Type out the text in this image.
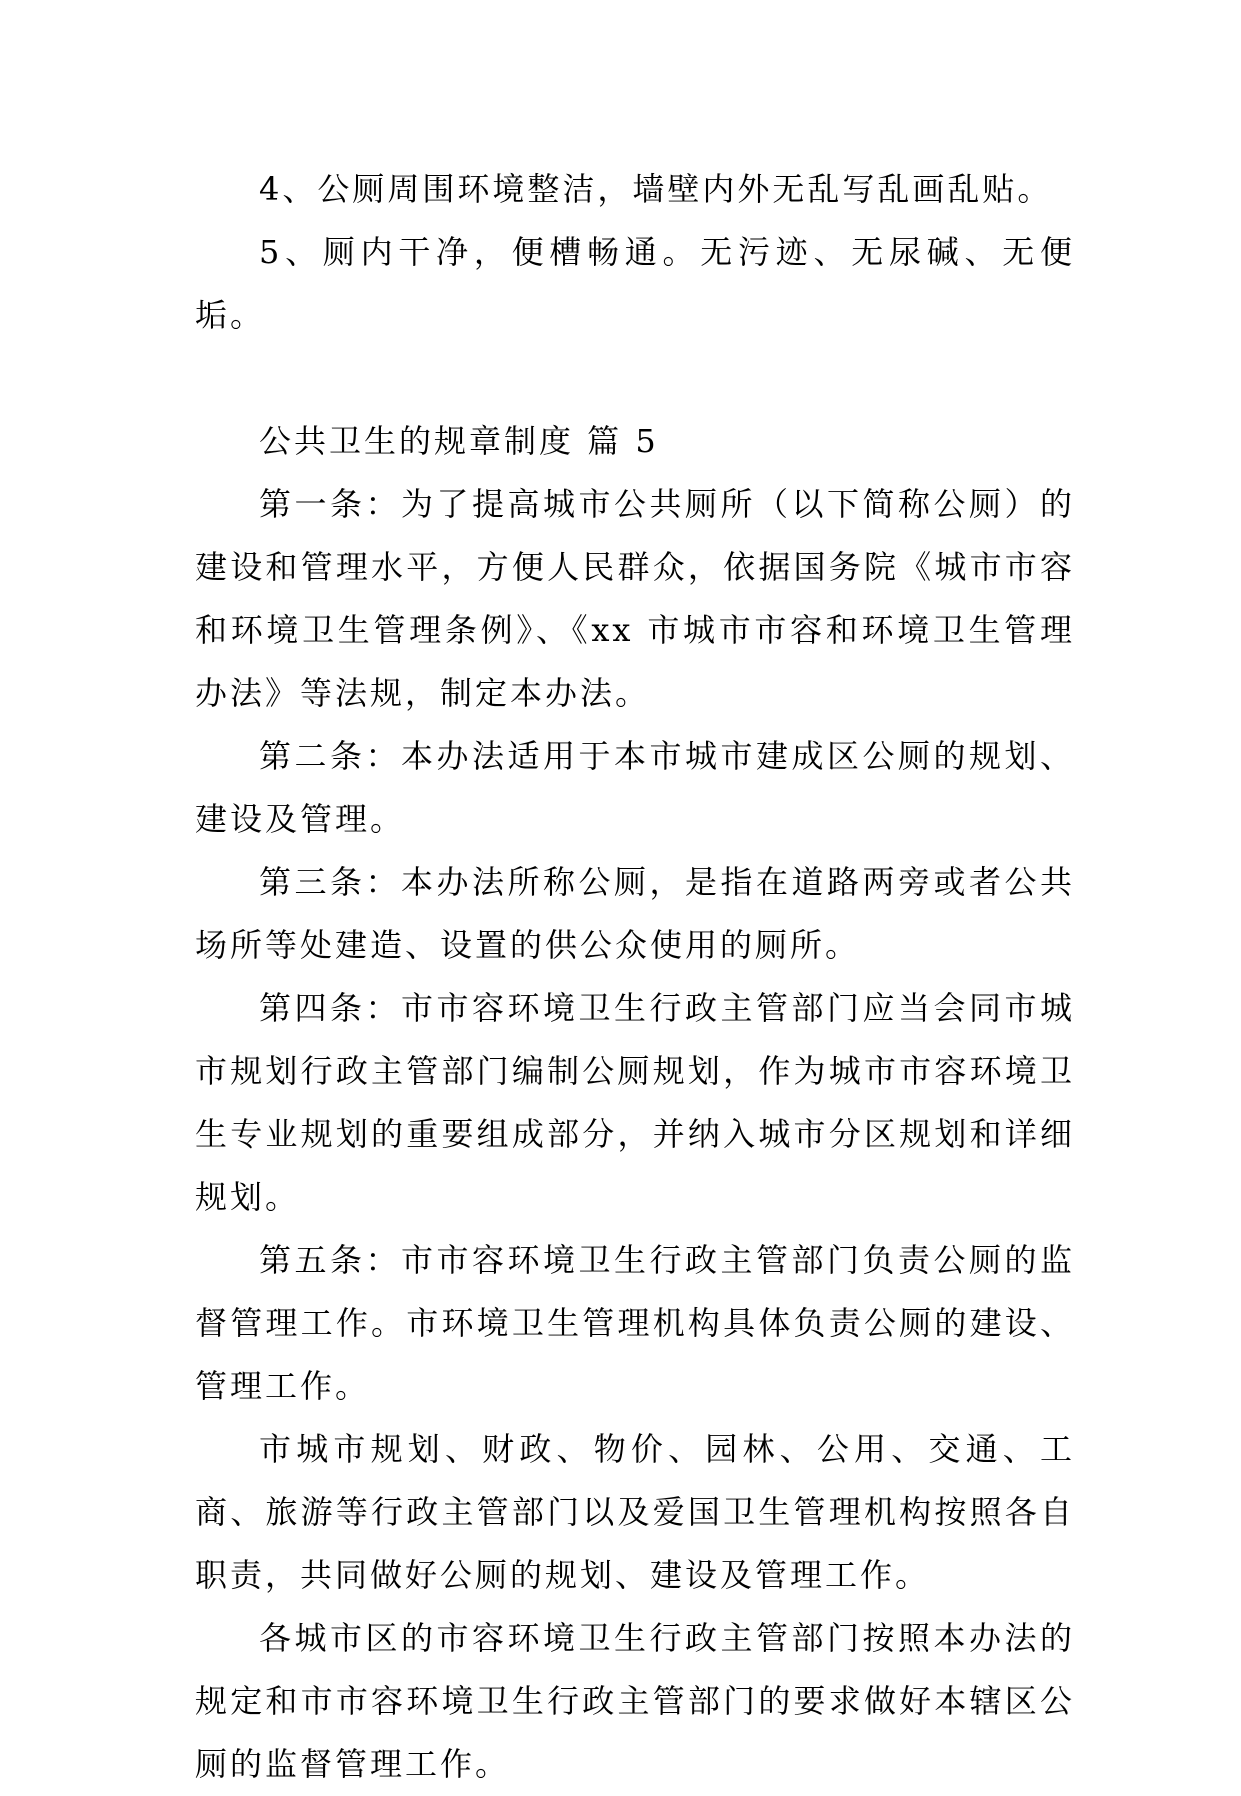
4、公厕周围环境整洁，墙壁内外无乱写乱画乱贴。

5、厕内干净，便槽畅通。无污迹、无尿碱、无便垢。

公共卫生的规章制度 篇 5

第一条：为了提高城市公共厕所（以下简称公厕）的建设和管理水平，方便人民群众，依据国务院《城市市容和环境卫生管理条例》、《xx 市城市市容和环境卫生管理办法》等法规，制定本办法。

第二条：本办法适用于本市城市建成区公厕的规划、建设及管理。

第三条：本办法所称公厕，是指在道路两旁或者公共场所等处建造、设置的供公众使用的厕所。

第四条：市市容环境卫生行政主管部门应当会同市城市规划行政主管部门编制公厕规划，作为城市市容环境卫生专业规划的重要组成部分，并纳入城市分区规划和详细规划。

第五条：市市容环境卫生行政主管部门负责公厕的监督管理工作。市环境卫生管理机构具体负责公厕的建设、管理工作。

市城市规划、财政、物价、园林、公用、交通、工商、旅游等行政主管部门以及爱国卫生管理机构按照各自职责，共同做好公厕的规划、建设及管理工作。

各城市区的市容环境卫生行政主管部门按照本办法的规定和市市容环境卫生行政主管部门的要求做好本辖区公厕的监督管理工作。
